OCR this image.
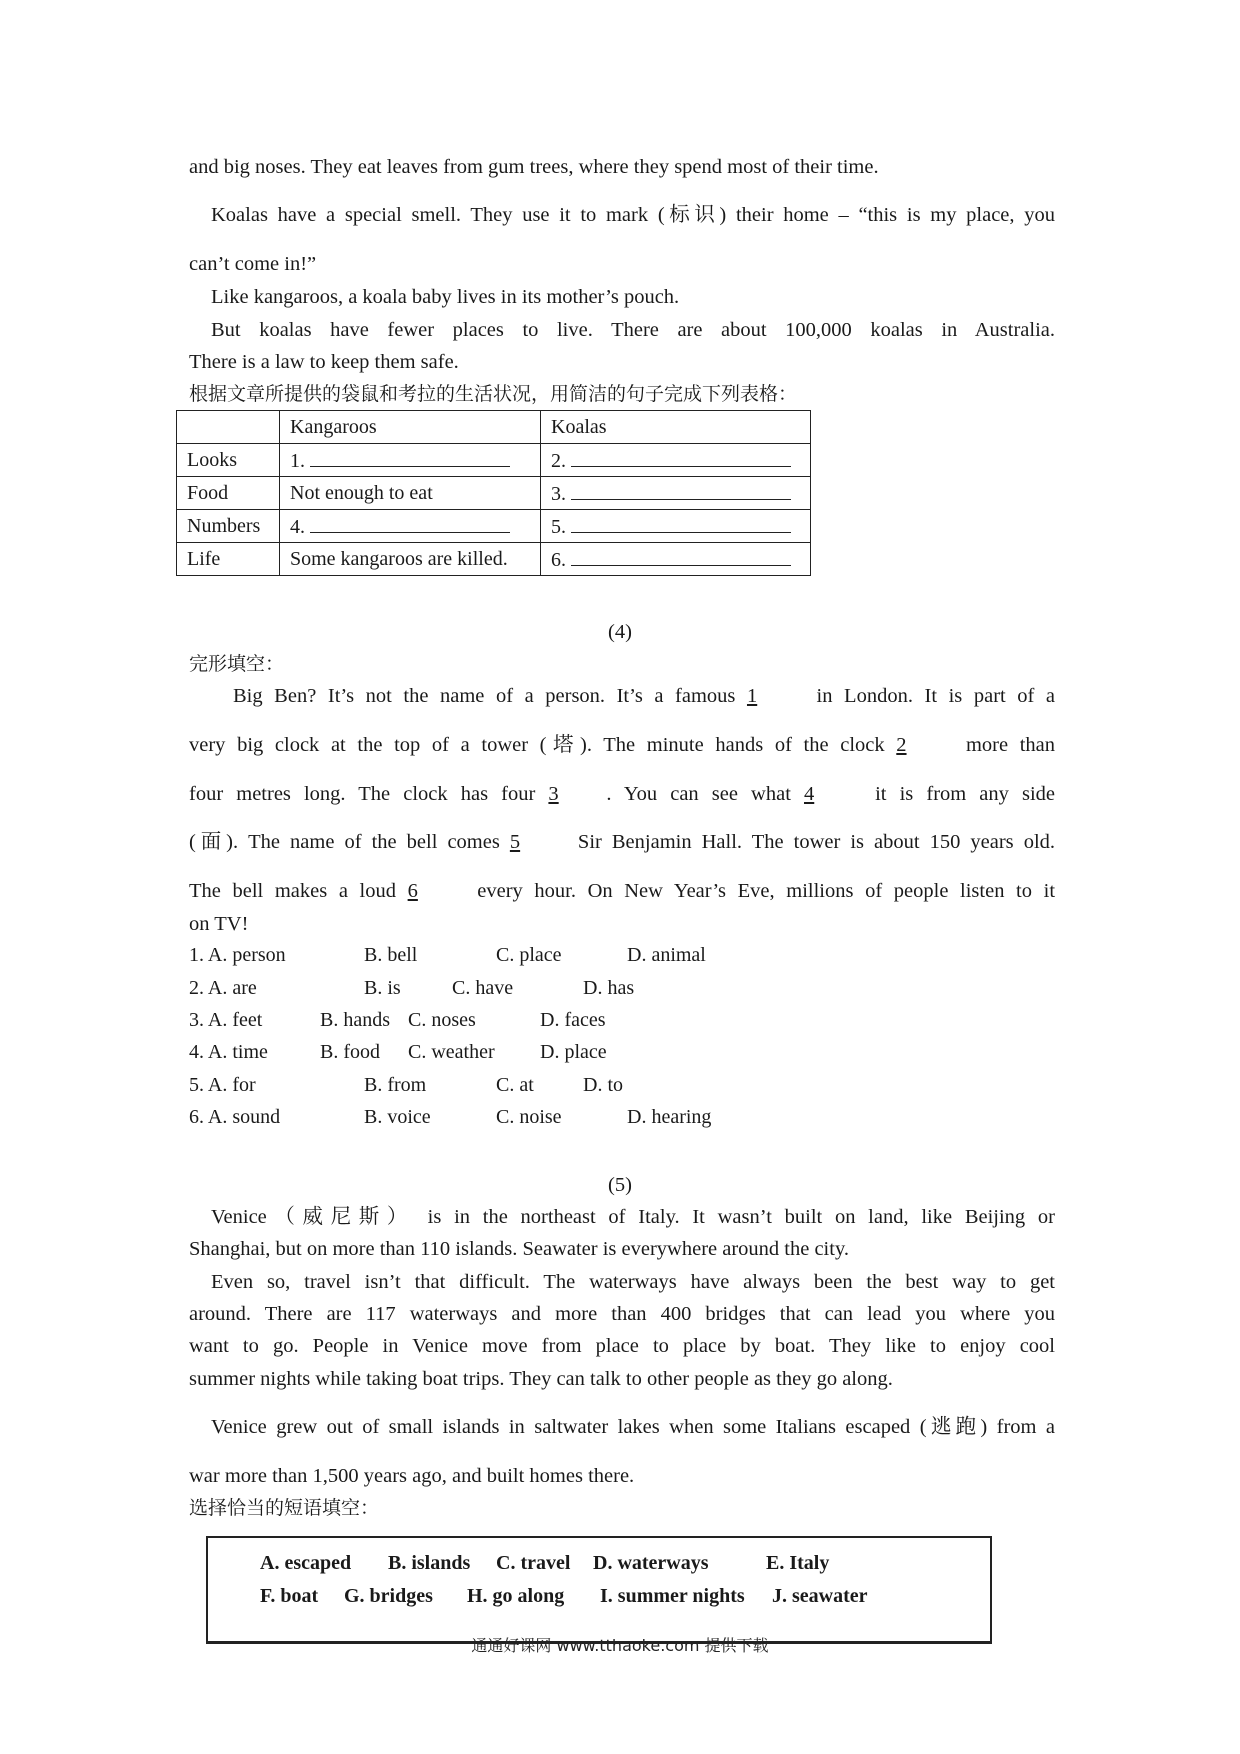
and big noses. They eat leaves from gum trees, where they spend most of their time.
Koalas have a special smell. They use it to mark (标识) their home – “this is my place, you
can’t come in!”
Like kangaroos, a koala baby lives in its mother’s pouch.
But koalas have fewer places to live. There are about 100,000 koalas in Australia.
There is a law to keep them safe.
根据文章所提供的袋鼠和考拉的生活状况，用简洁的句子完成下列表格：
	Kangaroos	Koalas
Looks	1.	2.
Food	Not enough to eat	3.
Numbers	4.	5.
Life	Some kangaroos are killed.	6.
(4)
完形填空：
Big Ben? It’s not the name of a person. It’s a famous 1	in London. It is part of a
very big clock at the top of a tower (塔). The minute hands of the clock 2	more than
four metres long. The clock has four 3 . You can see what 4	it is from any side
(面). The name of the bell comes 5	Sir Benjamin Hall. The tower is about 150 years old.
The bell makes a loud 6	every hour. On New Year’s Eve, millions of people listen to it
on TV!
1. A. person	B. bell	C. place	D. animal
2. A. are	B. is	C. have	D. has
3. A. feet	B. hands C. noses	D. faces
4. A. time	B. food C. weather D. place
5. A. for	B. from	C. at D. to
6. A. sound	B. voice	C. noise	D. hearing
(5)
Venice（威尼斯） is in the northeast of Italy. It wasn’t built on land, like Beijing or
Shanghai, but on more than 110 islands. Seawater is everywhere around the city.
Even so, travel isn’t that difficult. The waterways have always been the best way to get
around. There are 117 waterways and more than 400 bridges that can lead you where you
want to go. People in Venice move from place to place by boat. They like to enjoy cool
summer nights while taking boat trips. They can talk to other people as they go along.
Venice grew out of small islands in saltwater lakes when some Italians escaped (逃跑) from a
war more than 1,500 years ago, and built homes there.
选择恰当的短语填空：
A. escaped B. islands C. travel D. waterways	E. Italy
F. boat G. bridges H. go along I. summer nights J. seawater
通通好课网 www.tthaoke.com 提供下载
